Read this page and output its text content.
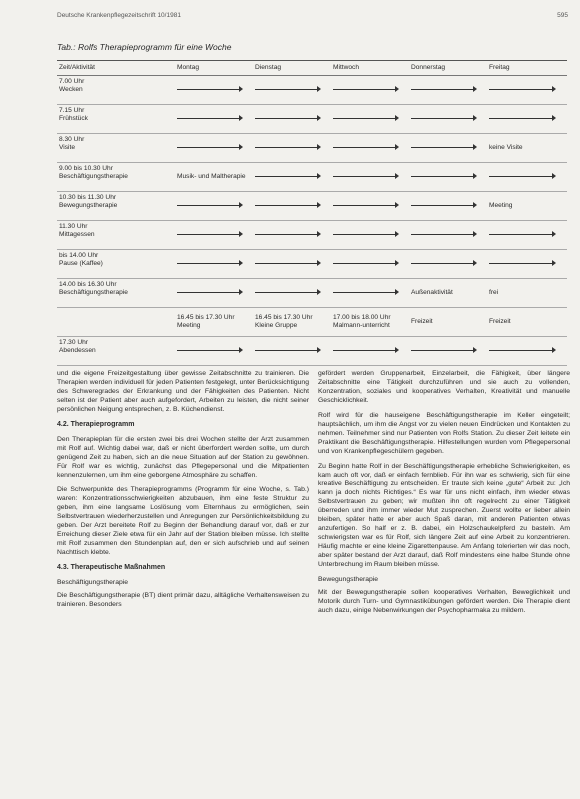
Deutsche Krankenpflegezeitschrift 10/1981	595
Tab.: Rolfs Therapieprogramm für eine Woche
Zeit/Aktivität	Montag	Dienstag	Mittwoch	Donnerstag	Freitag

7.00 Uhr
Wecken					

7.15 Uhr
Frühstück					

8.30 Uhr
Visite					keine Visite

9.00 bis 10.30 Uhr
Beschäftigungstherapie	Musik- und Maltherapie	

10.30 bis 11.30 Uhr
Bewegungstherapie					Meeting

11.30 Uhr
Mittagessen					

bis 14.00 Uhr
Pause (Kaffee)					

14.00 bis 16.30 Uhr
Beschäftigungstherapie				Außenaktivität	frei

	16.45 bis 17.30 Uhr Meeting	16.45 bis 17.30 Uhr Kleine Gruppe	17.00 bis 18.00 Uhr Malmann-unterricht	Freizeit	Freizeit

17.30 Uhr
Abendessen					

und die eigene Freizeitgestaltung über gewisse Zeitabschnitte zu trainieren. Die Therapien werden individuell für jeden Patienten festgelegt, unter Berücksichtigung des Schweregrades der Erkrankung und der Fähigkeiten des Patienten. Nicht selten ist der Patient aber auch aufgefordert, Arbeiten zu leisten, die nicht seiner persönlichen Neigung entsprechen, z. B. Küchendienst.

4.2. Therapieprogramm

Den Therapieplan für die ersten zwei bis drei Wochen stellte der Arzt zusammen mit Rolf auf. Wichtig dabei war, daß er nicht überfordert werden sollte, um durch genügend Zeit zu haben, sich an die neue Situation auf der Station zu gewöhnen. Für Rolf war es wichtig, zunächst das Pflegepersonal und die Mitpatienten kennenzulernen, um ihm eine geborgene Atmosphäre zu schaffen.

Die Schwerpunkte des Therapieprogramms (Programm für eine Woche, s. Tab.) waren: Konzentrationsschwierigkeiten abzubauen, ihm eine feste Struktur zu geben, ihm eine langsame Loslösung vom Elternhaus zu ermöglichen, sein Selbstvertrauen wiederherzustellen und Anregungen zur Persönlichkeitsbildung zu geben. Der Arzt bereitete Rolf zu Beginn der Behandlung darauf vor, daß er zur Erreichung dieser Ziele etwa für ein Jahr auf der Station bleiben müsse. Ich stellte mit Rolf zusammen den Stundenplan auf, den er sich aufschrieb und auf seinen Nachttisch klebte.

4.3. Therapeutische Maßnahmen
Beschäftigungstherapie

Die Beschäftigungstherapie (BT) dient primär dazu, alltägliche Verhaltensweisen zu trainieren. Besonders

gefördert werden Gruppenarbeit, Einzelarbeit, die Fähigkeit, über längere Zeitabschnitte eine Tätigkeit durchzuführen und sie auch zu vollenden, Konzentration, soziales und kooperatives Verhalten, Kreativität und manuelle Geschicklichkeit.

Rolf wird für die hauseigene Beschäftigungstherapie im Keller eingeteilt; hauptsächlich, um ihm die Angst vor zu vielen neuen Eindrücken und Kontakten zu nehmen. Teilnehmer sind nur Patienten von Rolfs Station. Zu dieser Zeit leitete ein Praktikant die Beschäftigungstherapie. Hilfestellungen wurden vom Pflegepersonal und von Krankenpflegeschülern gegeben.

Zu Beginn hatte Rolf in der Beschäftigungstherapie erhebliche Schwierigkeiten, es kam auch oft vor, daß er einfach fernblieb. Für ihn war es schwierig, sich für eine kreative Beschäftigung zu entscheiden. Er traute sich keine „gute“ Arbeit zu: „Ich kann ja doch nichts Richtiges.“ Es war für uns nicht einfach, ihm wieder etwas Selbstvertrauen zu geben; wir mußten ihn oft regelrecht zu einer Tätigkeit überreden und ihm immer wieder Mut zusprechen. Zuerst wollte er lieber allein bleiben, später hatte er aber auch Spaß daran, mit anderen Patienten etwas anzufertigen. So half er z. B. dabei, ein Holzschaukelpferd zu basteln. Am schwierigsten war es für Rolf, sich längere Zeit auf eine Arbeit zu konzentrieren. Häufig machte er eine kleine Zigarettenpause. Am Anfang tolerierten wir das noch, aber später bestand der Arzt darauf, daß Rolf mindestens eine halbe Stunde ohne Unterbrechung im Raum bleiben müsse.

Bewegungstherapie

Mit der Bewegungstherapie sollen kooperatives Verhalten, Beweglichkeit und Motorik durch Turn- und Gymnastikübungen gefördert werden. Die Therapie dient auch dazu, einige Nebenwirkungen der Psychopharmaka zu mildern.
